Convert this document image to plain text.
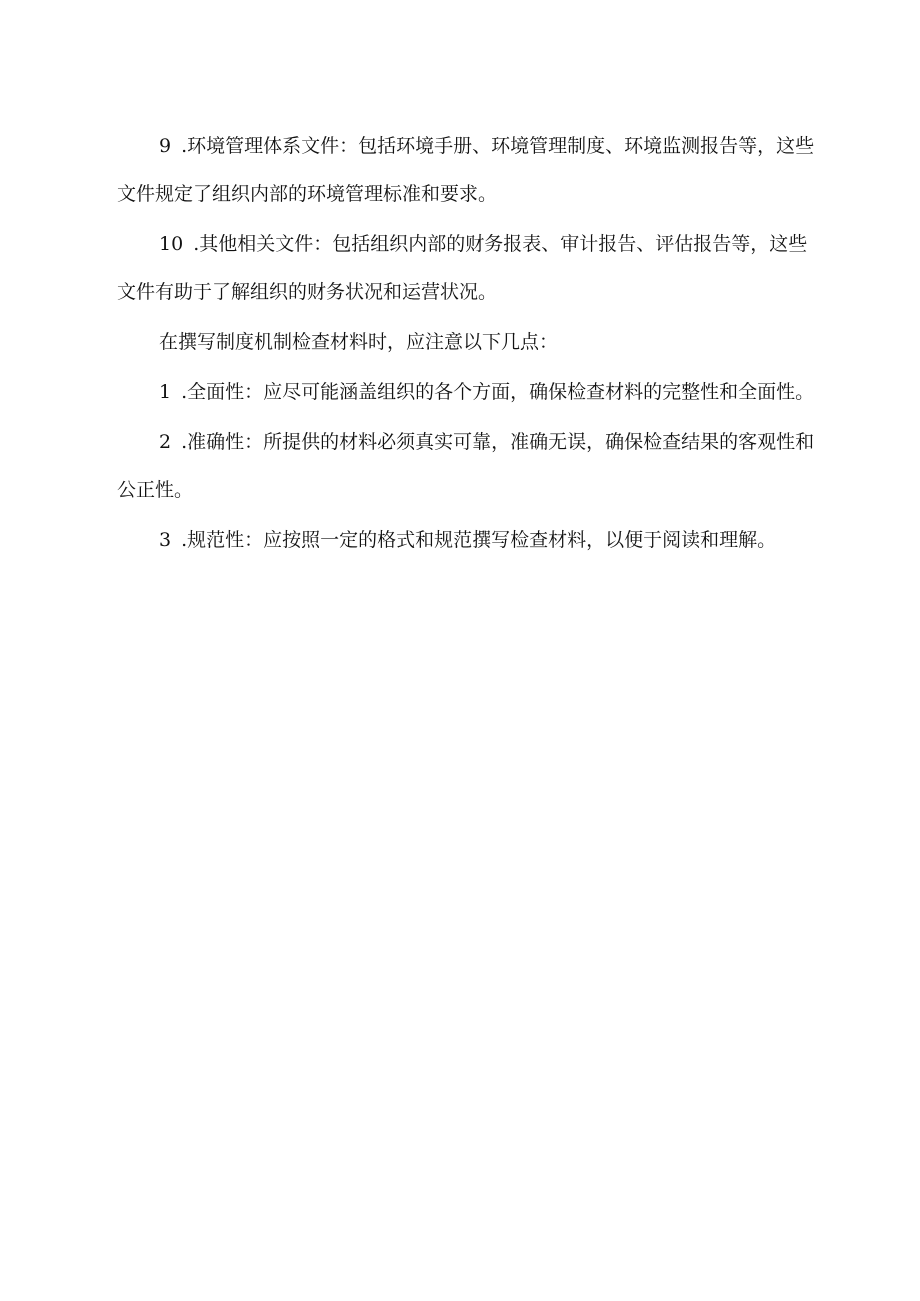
9 .环境管理体系文件：包括环境手册、环境管理制度、环境监测报告等，这些文件规定了组织内部的环境管理标准和要求。

10 .其他相关文件：包括组织内部的财务报表、审计报告、评估报告等，这些文件有助于了解组织的财务状况和运营状况。

在撰写制度机制检查材料时，应注意以下几点：

1 .全面性：应尽可能涵盖组织的各个方面，确保检查材料的完整性和全面性。

2 .准确性：所提供的材料必须真实可靠，准确无误，确保检查结果的客观性和公正性。

3 .规范性：应按照一定的格式和规范撰写检查材料，以便于阅读和理解。
